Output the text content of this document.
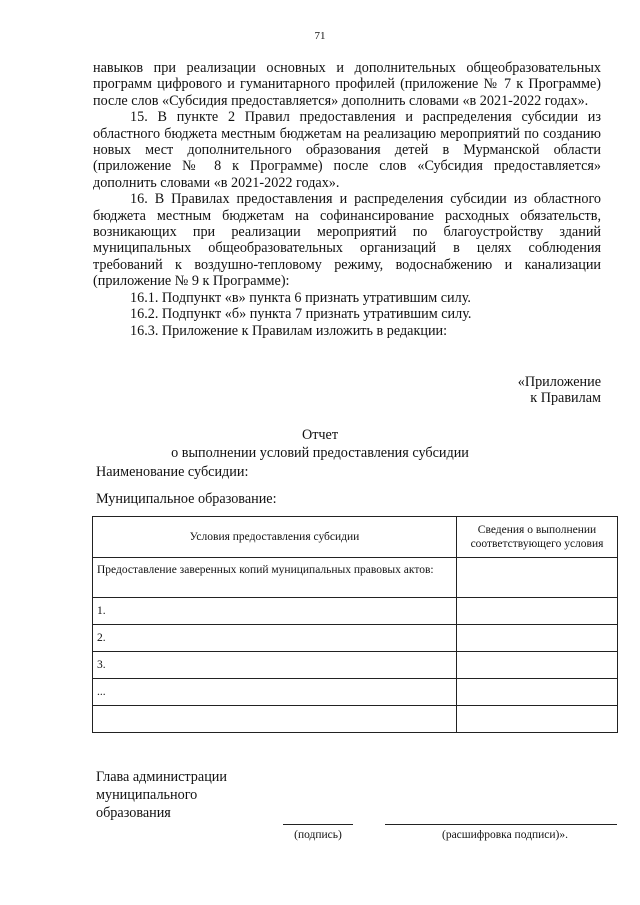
71

навыков при реализации основных и дополнительных общеобразовательных программ цифрового и гуманитарного профилей (приложение № 7 к Программе) после слов «Субсидия предоставляется» дополнить словами «в 2021-2022 годах».

15. В пункте 2 Правил предоставления и распределения субсидии из областного бюджета местным бюджетам на реализацию мероприятий по созданию новых мест дополнительного образования детей в Мурманской области (приложение № 8 к Программе) после слов «Субсидия предоставляется» дополнить словами «в 2021-2022 годах».

16. В Правилах предоставления и распределения субсидии из областного бюджета местным бюджетам на софинансирование расходных обязательств, возникающих при реализации мероприятий по благоустройству зданий муниципальных общеобразовательных организаций в целях соблюдения требований к воздушно-тепловому режиму, водоснабжению и канализации (приложение № 9 к Программе):

16.1. Подпункт «в» пункта 6 признать утратившим силу.

16.2. Подпункт «б» пункта 7 признать утратившим силу.

16.3. Приложение к Правилам изложить в редакции:

«Приложение
к Правилам
Отчет
о выполнении условий предоставления субсидии
Наименование субсидии:
Муниципальное образование:
Условия предоставления субсидии	Сведения о выполнении соответствующего условия
Предоставление заверенных копий муниципальных правовых актов:	
1.	
2.	
3.	
...	

Глава администрации
муниципального
образования
(подпись)	(расшифровка подписи)».
